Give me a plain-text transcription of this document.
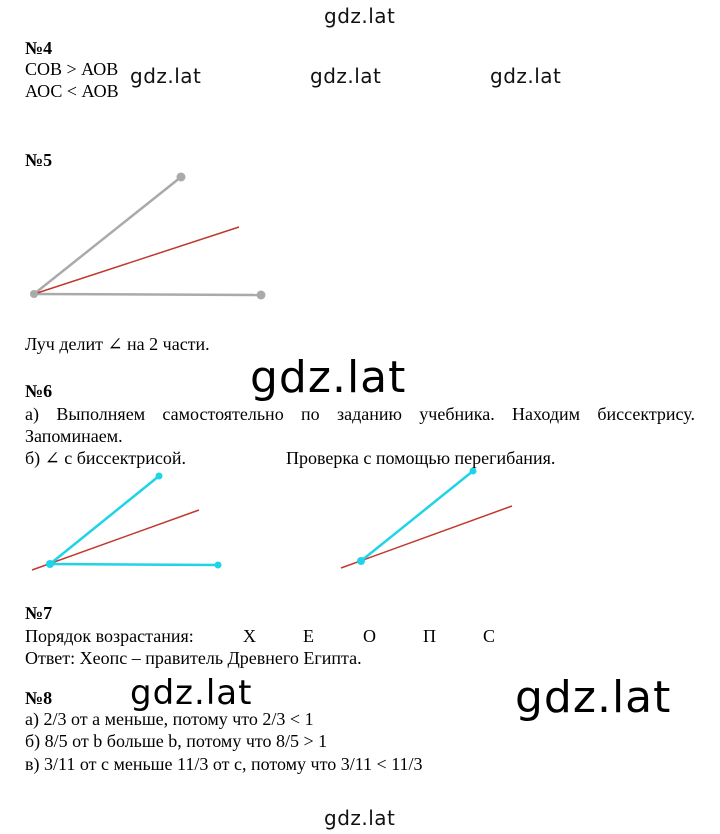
gdz.lat
gdz.lat	gdz.lat	gdz.lat
№4
СОВ > АОВ
АОС < АОВ
№5
Луч делит ∠ на 2 части.
gdz.lat
№6
а) Выполняем самостоятельно по заданию учебника. Находим биссектрису. Запоминаем.
б) ∠ с биссектрисой.	Проверка с помощью перегибания.
№7
Порядок возрастания:	Х	Е	О	П	С
Ответ: Хеопс – правитель Древнего Египта.
gdz.lat	gdz.lat
№8
а) 2/3 от а меньше, потому что 2/3 < 1
б) 8/5 от b больше b, потому что 8/5 > 1
в) 3/11 от с меньше 11/3 от с, потому что 3/11 < 11/3
gdz.lat
